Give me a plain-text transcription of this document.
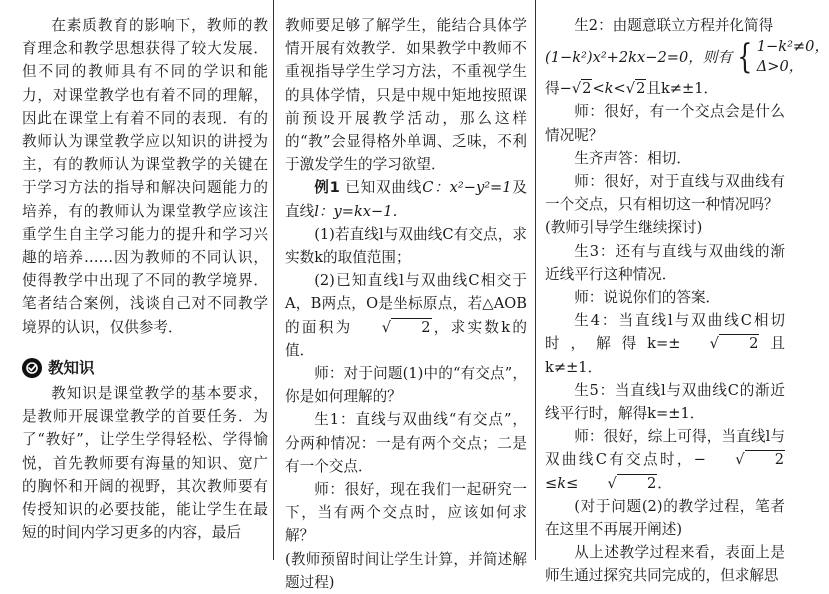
在素质教育的影响下，教师的教育理念和教学思想获得了较大发展．但不同的教师具有不同的学识和能力，对课堂教学也有着不同的理解，因此在课堂上有着不同的表现．有的教师认为课堂教学应以知识的讲授为主，有的教师认为课堂教学的关键在于学习方法的指导和解决问题能力的培养，有的教师认为课堂教学应该注重学生自主学习能力的提升和学习兴趣的培养……因为教师的不同认识，使得教学中出现了不同的教学境界．笔者结合案例，浅谈自己对不同教学境界的认识，仅供参考．

教知识

教知识是课堂教学的基本要求，是教师开展课堂教学的首要任务．为了“教好”，让学生学得轻松、学得愉悦，首先教师要有海量的知识、宽广的胸怀和开阔的视野，其次教师要有传授知识的必要技能，能让学生在最短的时间内学习更多的内容，最后

教师要足够了解学生，能结合具体学情开展有效教学．如果教学中教师不重视指导学生学习方法，不重视学生的具体学情，只是中规中矩地按照课前预设开展教学活动，那么这样的“教”会显得格外单调、乏味，不利于激发学生的学习欲望．

例1 已知双曲线C：x²−y²=1及直线l：y=kx−1．

(1)若直线l与双曲线C有交点，求实数k的取值范围；

(2)已知直线l与双曲线C相交于A，B两点，O是坐标原点，若△AOB的面积为	√	2 ，求实数k的值．

师：对于问题(1)中的“有交点”，你是如何理解的？

生1：直线与双曲线“有交点”，分两种情况：一是有两个交点；二是有一个交点．

师：很好，现在我们一起研究一下，当有两个交点时，应该如何求解？

(教师预留时间让学生计算，并简述解题过程)

生2：由题意联立方程并化简得

(1−k²)x²+2kx−2=0，则有 { 1−k²≠0，
Δ>0，

得− √ 2 <k< √ 2 且k≠±1．

师：很好，有一个交点会是什么情况呢？

生齐声答：相切．

师：很好，对于直线与双曲线有一个交点，只有相切这一种情况吗？

(教师引导学生继续探讨)

生3：还有与直线与双曲线的渐近线平行这种情况．

师：说说你们的答案．

生4：当直线l与双曲线C相切时，解得k=±	√	2 且k≠±1．

生5：当直线l与双曲线C的渐近线平行时，解得k=±1．

师：很好，综上可得，当直线l与双曲线C有交点时，−	√	2
≤k≤	√	2 ．

(对于问题(2)的教学过程，笔者在这里不再展开阐述)

从上述教学过程来看，表面上是师生通过探究共同完成的，但求解思
